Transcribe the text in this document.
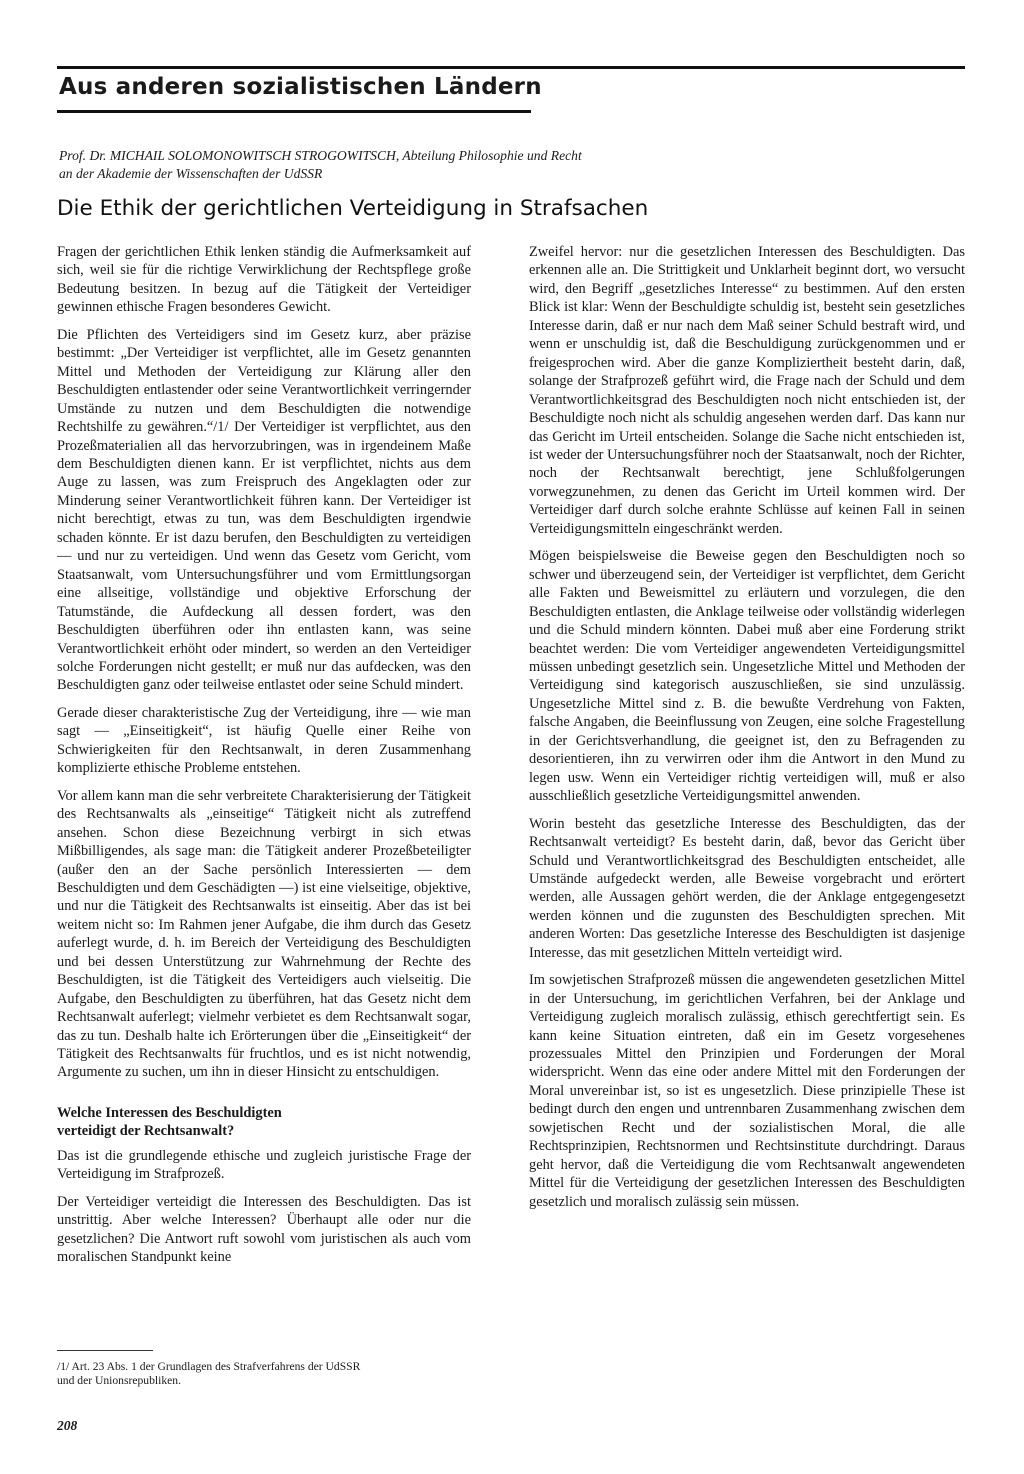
Aus anderen sozialistischen Ländern
Prof. Dr. MICHAIL SOLOMONOWITSCH STROGOWITSCH, Abteilung Philosophie und Recht
an der Akademie der Wissenschaften der UdSSR
Die Ethik der gerichtlichen Verteidigung in Strafsachen

Fragen der gerichtlichen Ethik lenken ständig die Aufmerksamkeit auf sich, weil sie für die richtige Verwirklichung der Rechtspflege große Bedeutung besitzen. In bezug auf die Tätigkeit der Verteidiger gewinnen ethische Fragen besonderes Gewicht.

Die Pflichten des Verteidigers sind im Gesetz kurz, aber präzise bestimmt: „Der Verteidiger ist verpflichtet, alle im Gesetz genannten Mittel und Methoden der Verteidigung zur Klärung aller den Beschuldigten entlastender oder seine Verantwortlichkeit verringernder Umstände zu nutzen und dem Beschuldigten die notwendige Rechtshilfe zu gewähren.“/1/ Der Verteidiger ist verpflichtet, aus den Prozeßmaterialien all das hervorzubringen, was in irgendeinem Maße dem Beschuldigten dienen kann. Er ist verpflichtet, nichts aus dem Auge zu lassen, was zum Freispruch des Angeklagten oder zur Minderung seiner Verantwortlichkeit führen kann. Der Verteidiger ist nicht berechtigt, etwas zu tun, was dem Beschuldigten irgendwie schaden könnte. Er ist dazu berufen, den Beschuldigten zu verteidigen — und nur zu verteidigen. Und wenn das Gesetz vom Gericht, vom Staatsanwalt, vom Untersuchungsführer und vom Ermittlungsorgan eine allseitige, vollständige und objektive Erforschung der Tatumstände, die Aufdeckung all dessen fordert, was den Beschuldigten überführen oder ihn entlasten kann, was seine Verantwortlichkeit erhöht oder mindert, so werden an den Verteidiger solche Forderungen nicht gestellt; er muß nur das aufdecken, was den Beschuldigten ganz oder teilweise entlastet oder seine Schuld mindert.

Gerade dieser charakteristische Zug der Verteidigung, ihre — wie man sagt — „Einseitigkeit“, ist häufig Quelle einer Reihe von Schwierigkeiten für den Rechtsanwalt, in deren Zusammenhang komplizierte ethische Probleme entstehen.

Vor allem kann man die sehr verbreitete Charakterisierung der Tätigkeit des Rechtsanwalts als „einseitige“ Tätigkeit nicht als zutreffend ansehen. Schon diese Bezeichnung verbirgt in sich etwas Mißbilligendes, als sage man: die Tätigkeit anderer Prozeßbeteiligter (außer den an der Sache persönlich Interessierten — dem Beschuldigten und dem Geschädigten —) ist eine vielseitige, objektive, und nur die Tätigkeit des Rechtsanwalts ist einseitig. Aber das ist bei weitem nicht so: Im Rahmen jener Aufgabe, die ihm durch das Gesetz auferlegt wurde, d. h. im Bereich der Verteidigung des Beschuldigten und bei dessen Unterstützung zur Wahrnehmung der Rechte des Beschuldigten, ist die Tätigkeit des Verteidigers auch vielseitig. Die Aufgabe, den Beschuldigten zu überführen, hat das Gesetz nicht dem Rechtsanwalt auferlegt; vielmehr verbietet es dem Rechtsanwalt sogar, das zu tun. Deshalb halte ich Erörterungen über die „Einseitigkeit“ der Tätigkeit des Rechtsanwalts für fruchtlos, und es ist nicht notwendig, Argumente zu suchen, um ihn in dieser Hinsicht zu entschuldigen.

Welche Interessen des Beschuldigten
verteidigt der Rechtsanwalt?

Das ist die grundlegende ethische und zugleich juristische Frage der Verteidigung im Strafprozeß.

Der Verteidiger verteidigt die Interessen des Beschuldigten. Das ist unstrittig. Aber welche Interessen? Überhaupt alle oder nur die gesetzlichen? Die Antwort ruft sowohl vom juristischen als auch vom moralischen Standpunkt keine

/1/ Art. 23 Abs. 1 der Grundlagen des Strafverfahrens der UdSSR
und der Unionsrepubliken.
208

Zweifel hervor: nur die gesetzlichen Interessen des Beschuldigten. Das erkennen alle an. Die Strittigkeit und Unklarheit beginnt dort, wo versucht wird, den Begriff „gesetzliches Interesse“ zu bestimmen. Auf den ersten Blick ist klar: Wenn der Beschuldigte schuldig ist, besteht sein gesetzliches Interesse darin, daß er nur nach dem Maß seiner Schuld bestraft wird, und wenn er unschuldig ist, daß die Beschuldigung zurückgenommen und er freigesprochen wird. Aber die ganze Kompliziertheit besteht darin, daß, solange der Strafprozeß geführt wird, die Frage nach der Schuld und dem Verantwortlichkeitsgrad des Beschuldigten noch nicht entschieden ist, der Beschuldigte noch nicht als schuldig angesehen werden darf. Das kann nur das Gericht im Urteil entscheiden. Solange die Sache nicht entschieden ist, ist weder der Untersuchungsführer noch der Staatsanwalt, noch der Richter, noch der Rechtsanwalt berechtigt, jene Schlußfolgerungen vorwegzunehmen, zu denen das Gericht im Urteil kommen wird. Der Verteidiger darf durch solche erahnte Schlüsse auf keinen Fall in seinen Verteidigungsmitteln eingeschränkt werden.

Mögen beispielsweise die Beweise gegen den Beschuldigten noch so schwer und überzeugend sein, der Verteidiger ist verpflichtet, dem Gericht alle Fakten und Beweismittel zu erläutern und vorzulegen, die den Beschuldigten entlasten, die Anklage teilweise oder vollständig widerlegen und die Schuld mindern könnten. Dabei muß aber eine Forderung strikt beachtet werden: Die vom Verteidiger angewendeten Verteidigungsmittel müssen unbedingt gesetzlich sein. Ungesetzliche Mittel und Methoden der Verteidigung sind kategorisch auszuschließen, sie sind unzulässig. Ungesetzliche Mittel sind z. B. die bewußte Verdrehung von Fakten, falsche Angaben, die Beeinflussung von Zeugen, eine solche Fragestellung in der Gerichtsverhandlung, die geeignet ist, den zu Befragenden zu desorientieren, ihn zu verwirren oder ihm die Antwort in den Mund zu legen usw. Wenn ein Verteidiger richtig verteidigen will, muß er also ausschließlich gesetzliche Verteidigungsmittel anwenden.

Worin besteht das gesetzliche Interesse des Beschuldigten, das der Rechtsanwalt verteidigt? Es besteht darin, daß, bevor das Gericht über Schuld und Verantwortlichkeitsgrad des Beschuldigten entscheidet, alle Umstände aufgedeckt werden, alle Beweise vorgebracht und erörtert werden, alle Aussagen gehört werden, die der Anklage entgegengesetzt werden können und die zugunsten des Beschuldigten sprechen. Mit anderen Worten: Das gesetzliche Interesse des Beschuldigten ist dasjenige Interesse, das mit gesetzlichen Mitteln verteidigt wird.

Im sowjetischen Strafprozeß müssen die angewendeten gesetzlichen Mittel in der Untersuchung, im gerichtlichen Verfahren, bei der Anklage und Verteidigung zugleich moralisch zulässig, ethisch gerechtfertigt sein. Es kann keine Situation eintreten, daß ein im Gesetz vorgesehenes prozessuales Mittel den Prinzipien und Forderungen der Moral widerspricht. Wenn das eine oder andere Mittel mit den Forderungen der Moral unvereinbar ist, so ist es ungesetzlich. Diese prinzipielle These ist bedingt durch den engen und untrennbaren Zusammenhang zwischen dem sowjetischen Recht und der sozialistischen Moral, die alle Rechtsprinzipien, Rechtsnormen und Rechtsinstitute durchdringt. Daraus geht hervor, daß die Verteidigung die vom Rechtsanwalt angewendeten Mittel für die Verteidigung der gesetzlichen Interessen des Beschuldigten gesetzlich und moralisch zulässig sein müssen.
